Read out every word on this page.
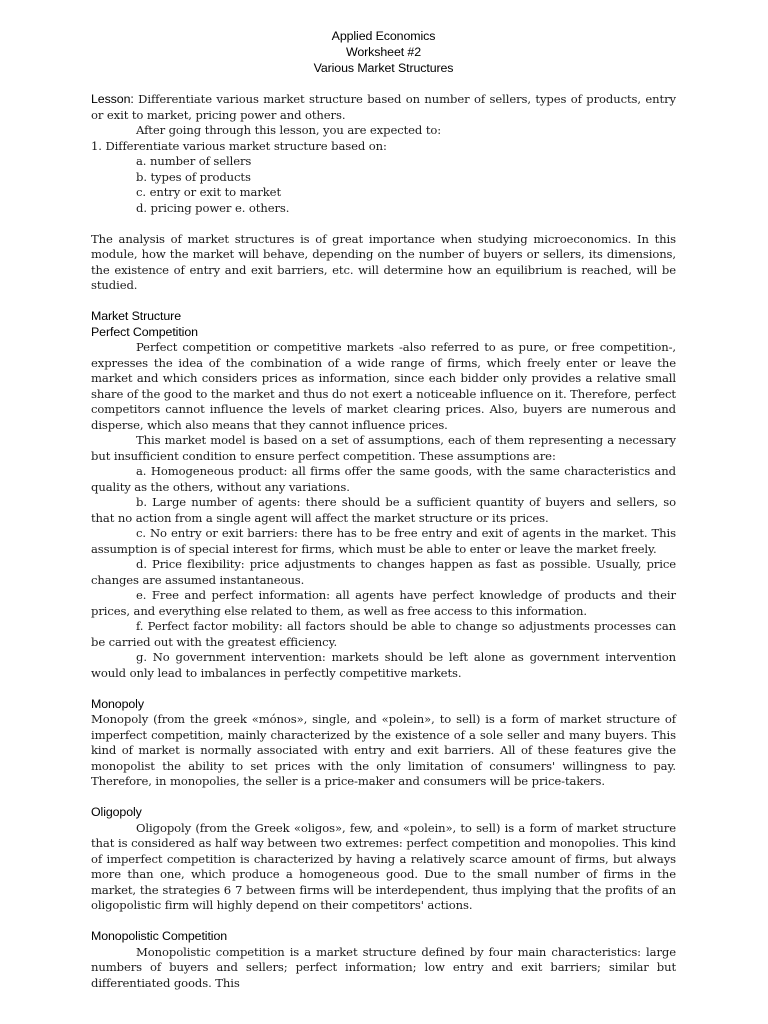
Applied Economics
Worksheet #2
Various Market Structures

Lesson: Differentiate various market structure based on number of sellers, types of products, entry or exit to market, pricing power and others.

After going through this lesson, you are expected to:

1. Differentiate various market structure based on:

a. number of sellers

b. types of products

c. entry or exit to market

d. pricing power e. others.

The analysis of market structures is of great importance when studying microeconomics. In this module, how the market will behave, depending on the number of buyers or sellers, its dimensions, the existence of entry and exit barriers, etc. will determine how an equilibrium is reached, will be studied.

Market Structure
Perfect Competition

Perfect competition or competitive markets -also referred to as pure, or free competition-, expresses the idea of the combination of a wide range of firms, which freely enter or leave the market and which considers prices as information, since each bidder only provides a relative small share of the good to the market and thus do not exert a noticeable influence on it. Therefore, perfect competitors cannot influence the levels of market clearing prices. Also, buyers are numerous and disperse, which also means that they cannot influence prices.

This market model is based on a set of assumptions, each of them representing a necessary but insufficient condition to ensure perfect competition. These assumptions are:

a. Homogeneous product: all firms offer the same goods, with the same characteristics and quality as the others, without any variations.

b. Large number of agents: there should be a sufficient quantity of buyers and sellers, so that no action from a single agent will affect the market structure or its prices.

c. No entry or exit barriers: there has to be free entry and exit of agents in the market. This assumption is of special interest for firms, which must be able to enter or leave the market freely.

d. Price flexibility: price adjustments to changes happen as fast as possible. Usually, price changes are assumed instantaneous.

e. Free and perfect information: all agents have perfect knowledge of products and their prices, and everything else related to them, as well as free access to this information.

f. Perfect factor mobility: all factors should be able to change so adjustments processes can be carried out with the greatest efficiency.

g. No government intervention: markets should be left alone as government intervention would only lead to imbalances in perfectly competitive markets.

Monopoly

Monopoly (from the greek «mónos», single, and «polein», to sell) is a form of market structure of imperfect competition, mainly characterized by the existence of a sole seller and many buyers. This kind of market is normally associated with entry and exit barriers. All of these features give the monopolist the ability to set prices with the only limitation of consumers' willingness to pay. Therefore, in monopolies, the seller is a price-maker and consumers will be price-takers.

Oligopoly

Oligopoly (from the Greek «oligos», few, and «polein», to sell) is a form of market structure that is considered as half way between two extremes: perfect competition and monopolies. This kind of imperfect competition is characterized by having a relatively scarce amount of firms, but always more than one, which produce a homogeneous good. Due to the small number of firms in the market, the strategies 6 7 between firms will be interdependent, thus implying that the profits of an oligopolistic firm will highly depend on their competitors' actions.

Monopolistic Competition

Monopolistic competition is a market structure defined by four main characteristics: large numbers of buyers and sellers; perfect information; low entry and exit barriers; similar but differentiated goods. This
